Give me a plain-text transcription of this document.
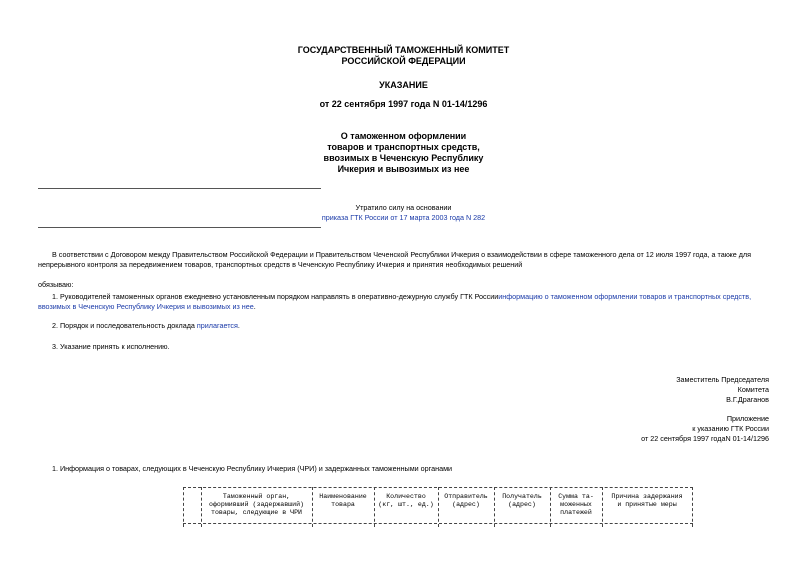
ГОСУДАРСТВЕННЫЙ ТАМОЖЕННЫЙ КОМИТЕТ
РОССИЙСКОЙ ФЕДЕРАЦИИ
УКАЗАНИЕ
от 22 сентября 1997 года N 01-14/1296
О таможенном оформлении
товаров и транспортных средств,
ввозимых в Чеченскую Республику
Ичкерия и вывозимых из нее
Утратило силу на основании
приказа ГТК России от 17 марта 2003 года N 282
В соответствии с Договором между Правительством Российской Федерации и Правительством Чеченской Республики Ичкерия о взаимодействии в сфере таможенного дела от 12 июля 1997 года, а также для
непрерывного контроля за передвижением товаров, транспортных средств в Чеченскую Республику Ичкерия и принятия необходимых решений
обязываю:
1. Руководителей таможенных органов ежедневно установленным порядком направлять в оперативно-дежурную службу ГТК Россииинформацию о таможенном оформлении товаров и транспортных средств,
ввозимых в Чеченскую Республику Ичкерия и вывозимых из нее.
2. Порядок и последовательность доклада прилагается.
3. Указание принять к исполнению.
Заместитель Председателя
Комитета
В.Г.Драганов
Приложение
к указанию ГТК России
от 22 сентября 1997 годаN 01-14/1296
1. Информация о товарах, следующих в Чеченскую Республику Ичкерия (ЧРИ) и задержанных таможенными органами
Таможенный орган,
оформивший (задержавший)
товары, следующие в ЧРИ
Наименование
товара
Количество
(кг, шт., ед.)
Отправитель
(адрес)
Получатель
(адрес)
Сумма та-
моженных
платежей
Причина задержания
и принятые меры
